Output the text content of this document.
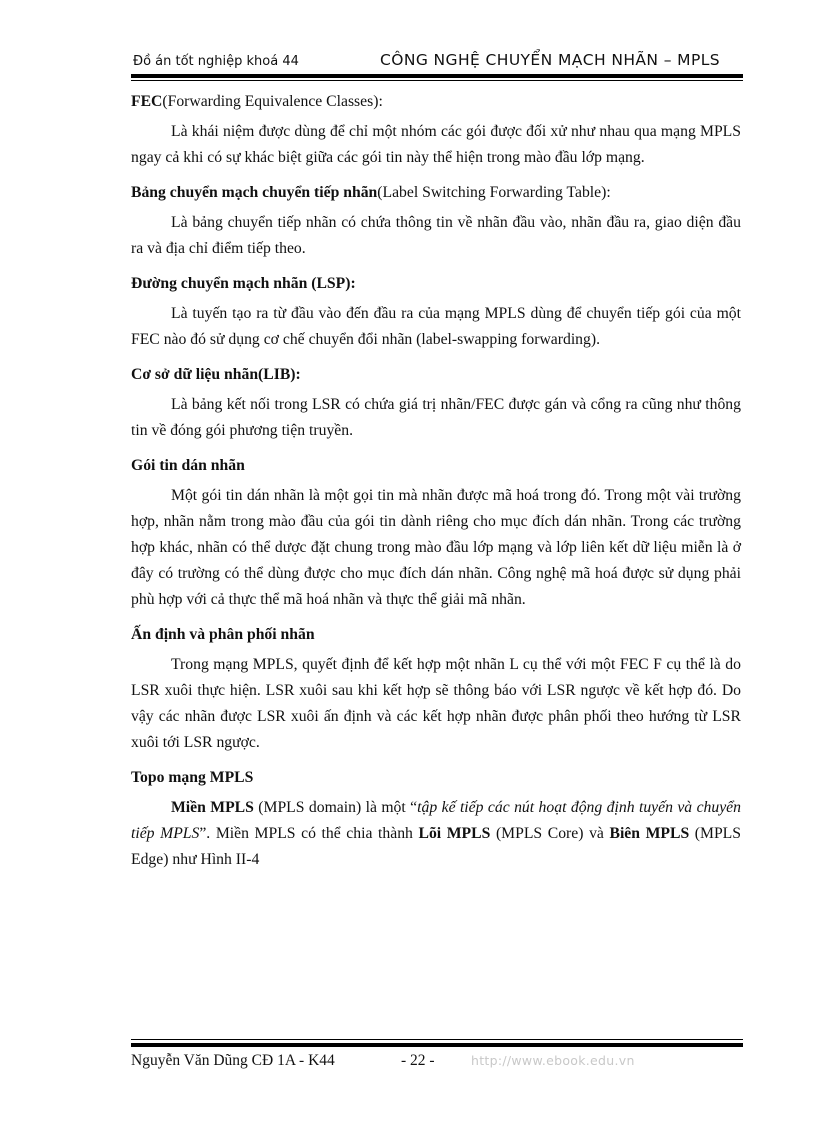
Đồ án tốt nghiệp khoá 44	CÔNG NGHỆ CHUYỂN MẠCH NHÃN – MPLS

FEC(Forwarding Equivalence Classes):

Là khái niệm được dùng để chỉ một nhóm các gói được đối xử như nhau qua mạng MPLS ngay cả khi có sự khác biệt giữa các gói tin này thể hiện trong mào đầu lớp mạng.

Bảng chuyển mạch chuyển tiếp nhãn(Label Switching Forwarding Table):

Là bảng chuyển tiếp nhãn có chứa thông tin về nhãn đầu vào, nhãn đầu ra, giao diện đầu ra và địa chỉ điểm tiếp theo.

Đường chuyển mạch nhãn (LSP):

Là tuyến tạo ra từ đầu vào đến đầu ra của mạng MPLS dùng để chuyển tiếp gói của một FEC nào đó sử dụng cơ chế chuyển đổi nhãn (label-swapping forwarding).

Cơ sở dữ liệu nhãn(LIB):

Là bảng kết nối trong LSR có chứa giá trị nhãn/FEC được gán và cổng ra cũng như thông tin về đóng gói phương tiện truyền.

Gói tin dán nhãn

Một gói tin dán nhãn là một gọi tin mà nhãn được mã hoá trong đó. Trong một vài trường hợp, nhãn nằm trong mào đầu của gói tin dành riêng cho mục đích dán nhãn. Trong các trường hợp khác, nhãn có thể dược đặt chung trong mào đầu lớp mạng và lớp liên kết dữ liệu miễn là ở đây có trường có thể dùng được cho mục đích dán nhãn. Công nghệ mã hoá được sử dụng phải phù hợp với cả thực thể mã hoá nhãn và thực thể giải mã nhãn.

Ấn định và phân phối nhãn

Trong mạng MPLS, quyết định để kết hợp một nhãn L cụ thể với một FEC F cụ thể là do LSR xuôi thực hiện. LSR xuôi sau khi kết hợp sẽ thông báo với LSR ngược về kết hợp đó. Do vậy các nhãn được LSR xuôi ấn định và các kết hợp nhãn được phân phối theo hướng từ LSR xuôi tới LSR ngược.

Topo mạng MPLS

Miền MPLS (MPLS domain) là một “tập kế tiếp các nút hoạt động định tuyến và chuyển tiếp MPLS”. Miền MPLS có thể chia thành Lõi MPLS (MPLS Core) và Biên MPLS (MPLS Edge) như Hình II-4

Nguyễn Văn Dũng CĐ 1A - K44	- 22 -	http://www.ebook.edu.vn
